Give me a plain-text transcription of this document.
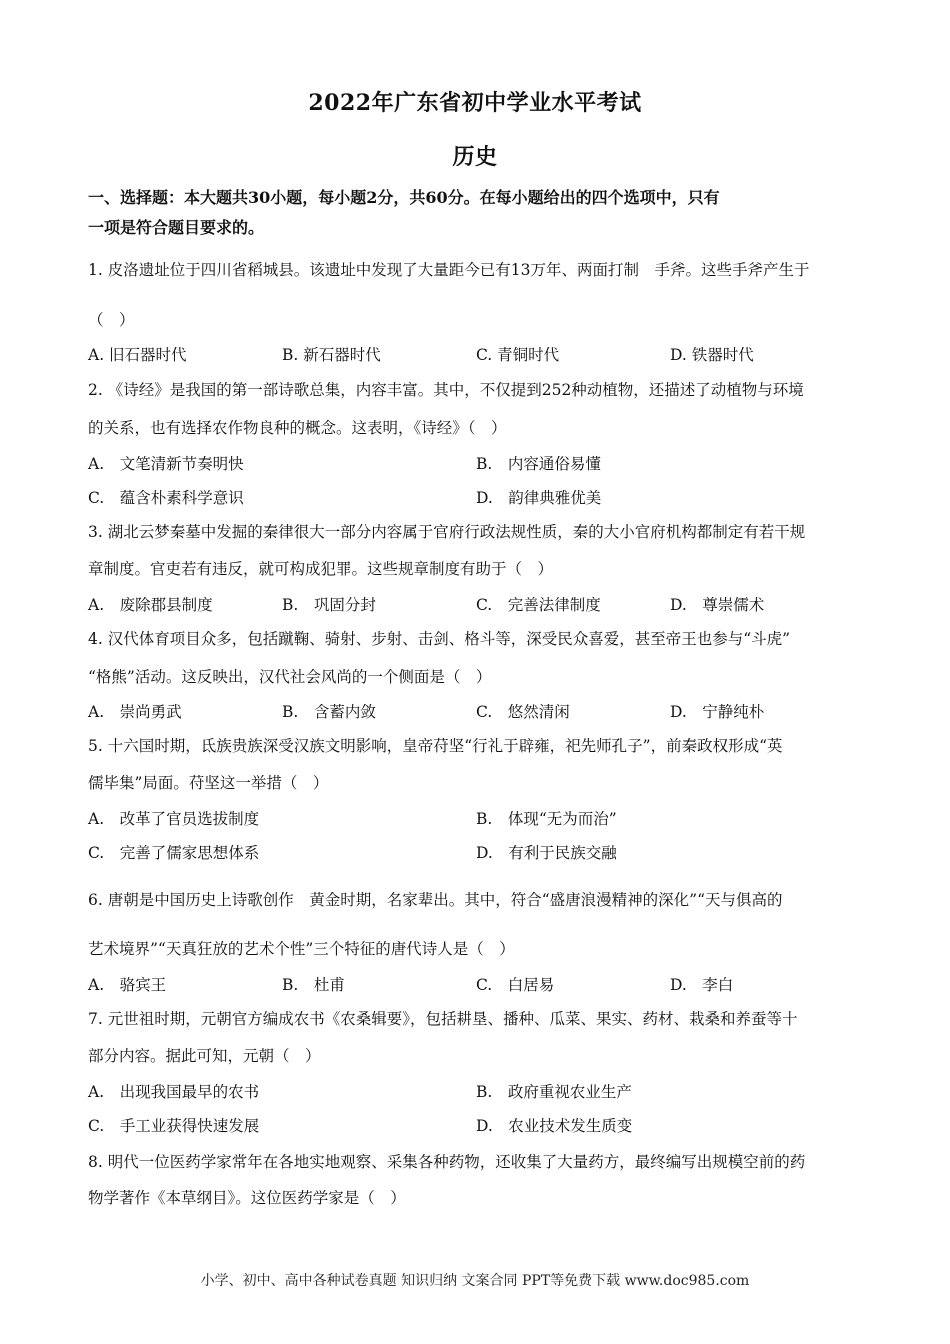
2022年广东省初中学业水平考试
历史
一、选择题：本大题共30小题，每小题2分，共60分。在每小题给出的四个选项中，只有
一项是符合题目要求的。
1. 皮洛遗址位于四川省稻城县。该遗址中发现了大量距今已有13万年、两面打制　手斧。这些手斧产生于
（　）
A. 旧石器时代	B. 新石器时代	C. 青铜时代	D. 铁器时代
2. 《诗经》是我国的第一部诗歌总集，内容丰富。其中，不仅提到252种动植物，还描述了动植物与环境
的关系，也有选择农作物良种的概念。这表明，《诗经》（　）
A.　文笔清新节奏明快	B.　内容通俗易懂
C.　蕴含朴素科学意识	D.　韵律典雅优美
3. 湖北云梦秦墓中发掘的秦律很大一部分内容属于官府行政法规性质，秦的大小官府机构都制定有若干规
章制度。官吏若有违反，就可构成犯罪。这些规章制度有助于（　）
A.　废除郡县制度	B.　巩固分封	C.　完善法律制度	D.　尊崇儒术
4. 汉代体育项目众多，包括蹴鞠、骑射、步射、击剑、格斗等，深受民众喜爱，甚至帝王也参与“斗虎”
“格熊”活动。这反映出，汉代社会风尚的一个侧面是（　）
A.　崇尚勇武	B.　含蓄内敛	C.　悠然清闲	D.　宁静纯朴
5. 十六国时期，氐族贵族深受汉族文明影响，皇帝苻坚“行礼于辟雍，祀先师孔子”，前秦政权形成“英
儒毕集”局面。苻坚这一举措（　）
A.　改革了官员选拔制度	B.　体现“无为而治”
C.　完善了儒家思想体系	D.　有利于民族交融
6. 唐朝是中国历史上诗歌创作　黄金时期，名家辈出。其中，符合“盛唐浪漫精神的深化”“天与俱高的
艺术境界”“天真狂放的艺术个性”三个特征的唐代诗人是（　）
A.　骆宾王	B.　杜甫	C.　白居易	D.　李白
7. 元世祖时期，元朝官方编成农书《农桑辑要》，包括耕垦、播种、瓜菜、果实、药材、栽桑和养蚕等十
部分内容。据此可知，元朝（　）
A.　出现我国最早的农书	B.　政府重视农业生产
C.　手工业获得快速发展	D.　农业技术发生质变
8. 明代一位医药学家常年在各地实地观察、采集各种药物，还收集了大量药方，最终编写出规模空前的药
物学著作《本草纲目》。这位医药学家是（　）
小学、初中、高中各种试卷真题 知识归纳 文案合同 PPT等免费下载 www.doc985.com
